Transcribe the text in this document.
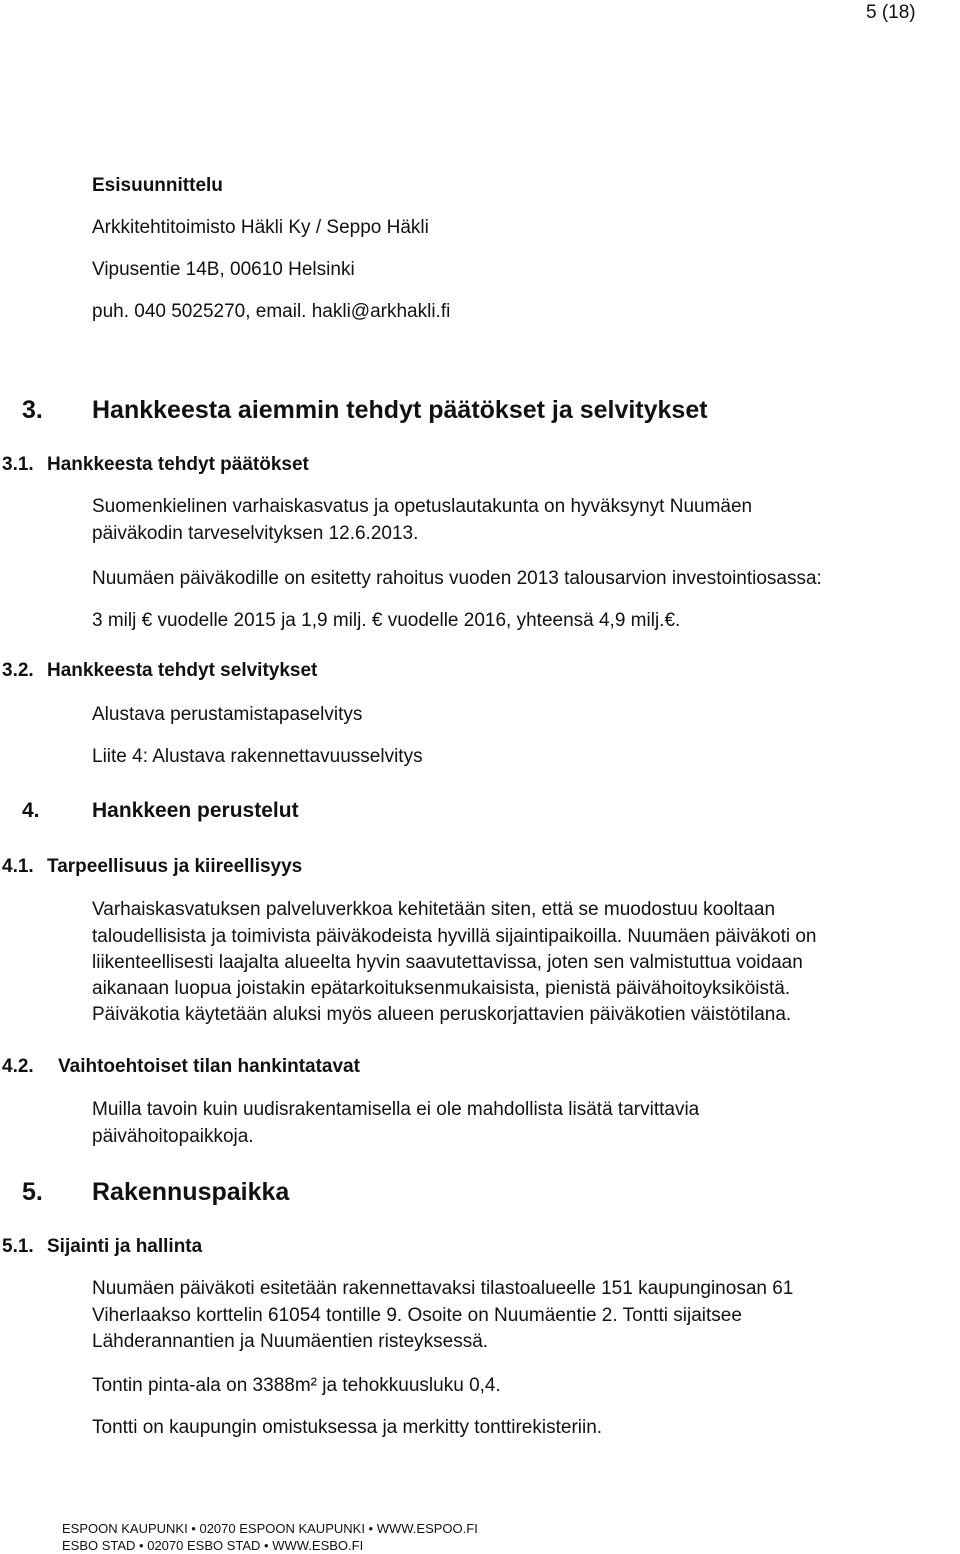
5 (18)
Esisuunnittelu
Arkkitehtitoimisto Häkli Ky / Seppo Häkli
Vipusentie 14B, 00610 Helsinki
puh. 040 5025270, email. hakli@arkhakli.fi
3. Hankkeesta aiemmin tehdyt päätökset ja selvitykset
3.1. Hankkeesta tehdyt päätökset
Suomenkielinen varhaiskasvatus ja opetuslautakunta on hyväksynyt Nuumäen
päiväkodin tarveselvityksen 12.6.2013.
Nuumäen päiväkodille on esitetty rahoitus vuoden 2013 talousarvion investointiosassa:
3 milj € vuodelle 2015 ja 1,9 milj. € vuodelle 2016, yhteensä 4,9 milj.€.
3.2. Hankkeesta tehdyt selvitykset
Alustava perustamistapaselvitys
Liite 4: Alustava rakennettavuusselvitys
4. Hankkeen perustelut
4.1. Tarpeellisuus ja kiireellisyys
Varhaiskasvatuksen palveluverkkoa kehitetään siten, että se muodostuu kooltaan
taloudellisista ja toimivista päiväkodeista hyvillä sijaintipaikoilla. Nuumäen päiväkoti on
liikenteellisesti laajalta alueelta hyvin saavutettavissa, joten sen valmistuttua voidaan
aikanaan luopua joistakin epätarkoituksenmukaisista, pienistä päivähoitoyksiköistä.
Päiväkotia käytetään aluksi myös alueen peruskorjattavien päiväkotien väistötilana.
4.2. Vaihtoehtoiset tilan hankintatavat
Muilla tavoin kuin uudisrakentamisella ei ole mahdollista lisätä tarvittavia
päivähoitopaikkoja.
5. Rakennuspaikka
5.1. Sijainti ja hallinta
Nuumäen päiväkoti esitetään rakennettavaksi tilastoalueelle 151 kaupunginosan 61
Viherlaakso korttelin 61054 tontille 9. Osoite on Nuumäentie 2. Tontti sijaitsee
Lähderannantien ja Nuumäentien risteyksessä.
Tontin pinta-ala on 3388m² ja tehokkuusluku 0,4.
Tontti on kaupungin omistuksessa ja merkitty tonttirekisteriin.
ESPOON KAUPUNKI • 02070 ESPOON KAUPUNKI • WWW.ESPOO.FI
ESBO STAD • 02070 ESBO STAD • WWW.ESBO.FI
